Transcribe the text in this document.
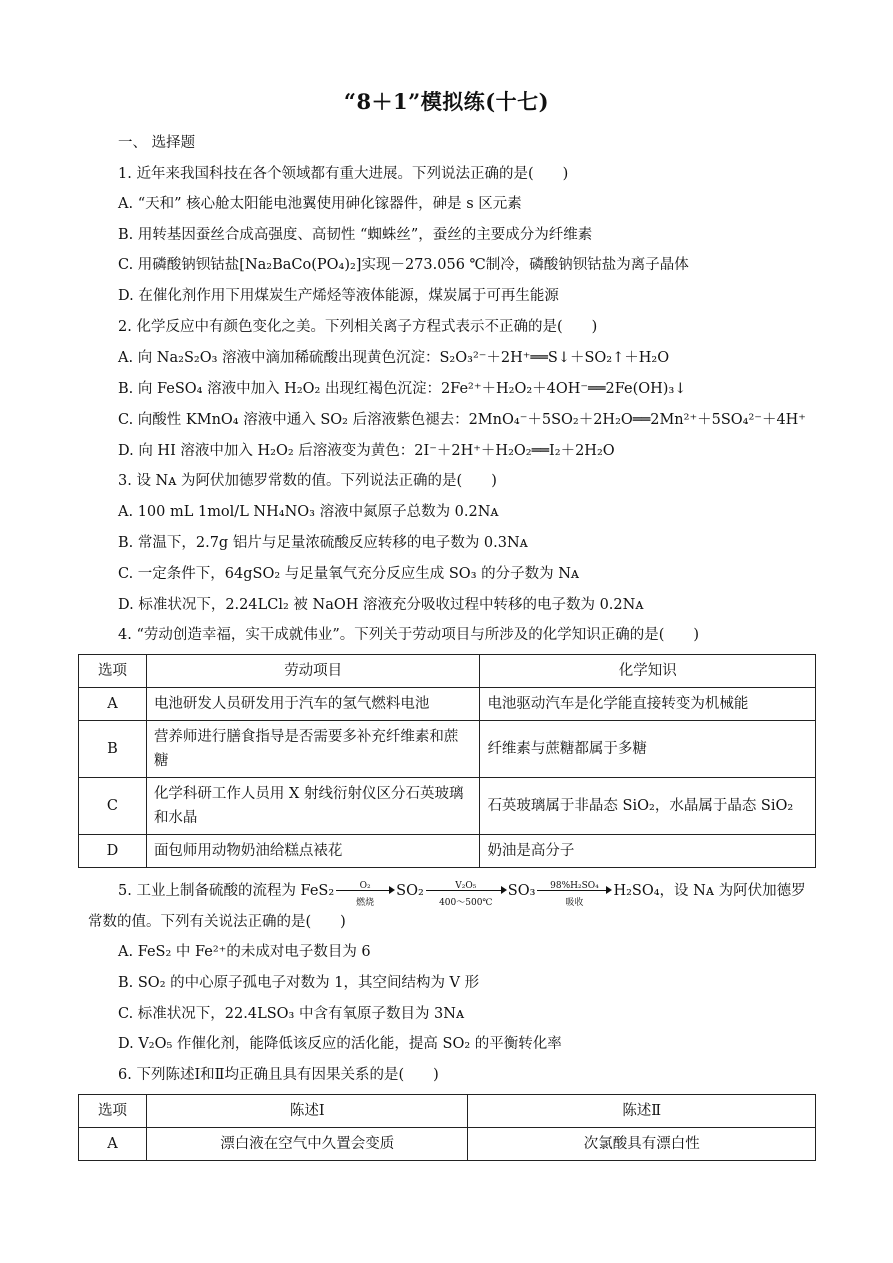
“8＋1”模拟练(十七)
一、 选择题
1. 近年来我国科技在各个领域都有重大进展。下列说法正确的是(　　)
A. “天和” 核心舱太阳能电池翼使用砷化镓器件，砷是 s 区元素
B. 用转基因蚕丝合成高强度、高韧性 “蜘蛛丝”，蚕丝的主要成分为纤维素
C. 用磷酸钠钡钴盐[Na₂BaCo(PO₄)₂]实现－273.056 ℃制冷，磷酸钠钡钴盐为离子晶体
D. 在催化剂作用下用煤炭生产烯烃等液体能源，煤炭属于可再生能源
2. 化学反应中有颜色变化之美。下列相关离子方程式表示不正确的是(　　)
A. 向 Na₂S₂O₃ 溶液中滴加稀硫酸出现黄色沉淀：S₂O₃²⁻＋2H⁺══S↓＋SO₂↑＋H₂O
B. 向 FeSO₄ 溶液中加入 H₂O₂ 出现红褐色沉淀：2Fe²⁺＋H₂O₂＋4OH⁻══2Fe(OH)₃↓
C. 向酸性 KMnO₄ 溶液中通入 SO₂ 后溶液紫色褪去：2MnO₄⁻＋5SO₂＋2H₂O══2Mn²⁺＋5SO₄²⁻＋4H⁺
D. 向 HI 溶液中加入 H₂O₂ 后溶液变为黄色：2I⁻＋2H⁺＋H₂O₂══I₂＋2H₂O
3. 设 Nᴀ 为阿伏加德罗常数的值。下列说法正确的是(　　)
A. 100 mL 1mol/L NH₄NO₃ 溶液中氮原子总数为 0.2Nᴀ
B. 常温下，2.7g 铝片与足量浓硫酸反应转移的电子数为 0.3Nᴀ
C. 一定条件下，64gSO₂ 与足量氧气充分反应生成 SO₃ 的分子数为 Nᴀ
D. 标准状况下，2.24LCl₂ 被 NaOH 溶液充分吸收过程中转移的电子数为 0.2Nᴀ
4. “劳动创造幸福，实干成就伟业”。下列关于劳动项目与所涉及的化学知识正确的是(　　)
选项	劳动项目	化学知识
A	电池研发人员研发用于汽车的氢气燃料电池	电池驱动汽车是化学能直接转变为机械能
B	营养师进行膳食指导是否需要多补充纤维素和蔗糖	纤维素与蔗糖都属于多糖
C	化学科研工作人员用 X 射线衍射仪区分石英玻璃和水晶	石英玻璃属于非晶态 SiO₂，水晶属于晶态 SiO₂
D	面包师用动物奶油给糕点裱花	奶油是高分子
5. 工业上制备硫酸的流程为 FeS₂	O₂
燃烧
$SO_2 \frac{\text{V₂O₅}}{400\sim 500℃} SO_3$	98%H₂SO₄
吸收
H₂SO₄，设 Nᴀ 为阿伏加德罗
常数的值。下列有关说法正确的是(　　)
A. FeS₂ 中 Fe²⁺的未成对电子数目为 6
B. SO₂ 的中心原子孤电子对数为 1，其空间结构为 V 形
C. 标准状况下，22.4LSO₃ 中含有氧原子数目为 3Nᴀ
D. V₂O₅ 作催化剂，能降低该反应的活化能，提高 SO₂ 的平衡转化率
6. 下列陈述Ⅰ和Ⅱ均正确且具有因果关系的是(　　)
选项	陈述Ⅰ	陈述Ⅱ
A	漂白液在空气中久置会变质	次氯酸具有漂白性
